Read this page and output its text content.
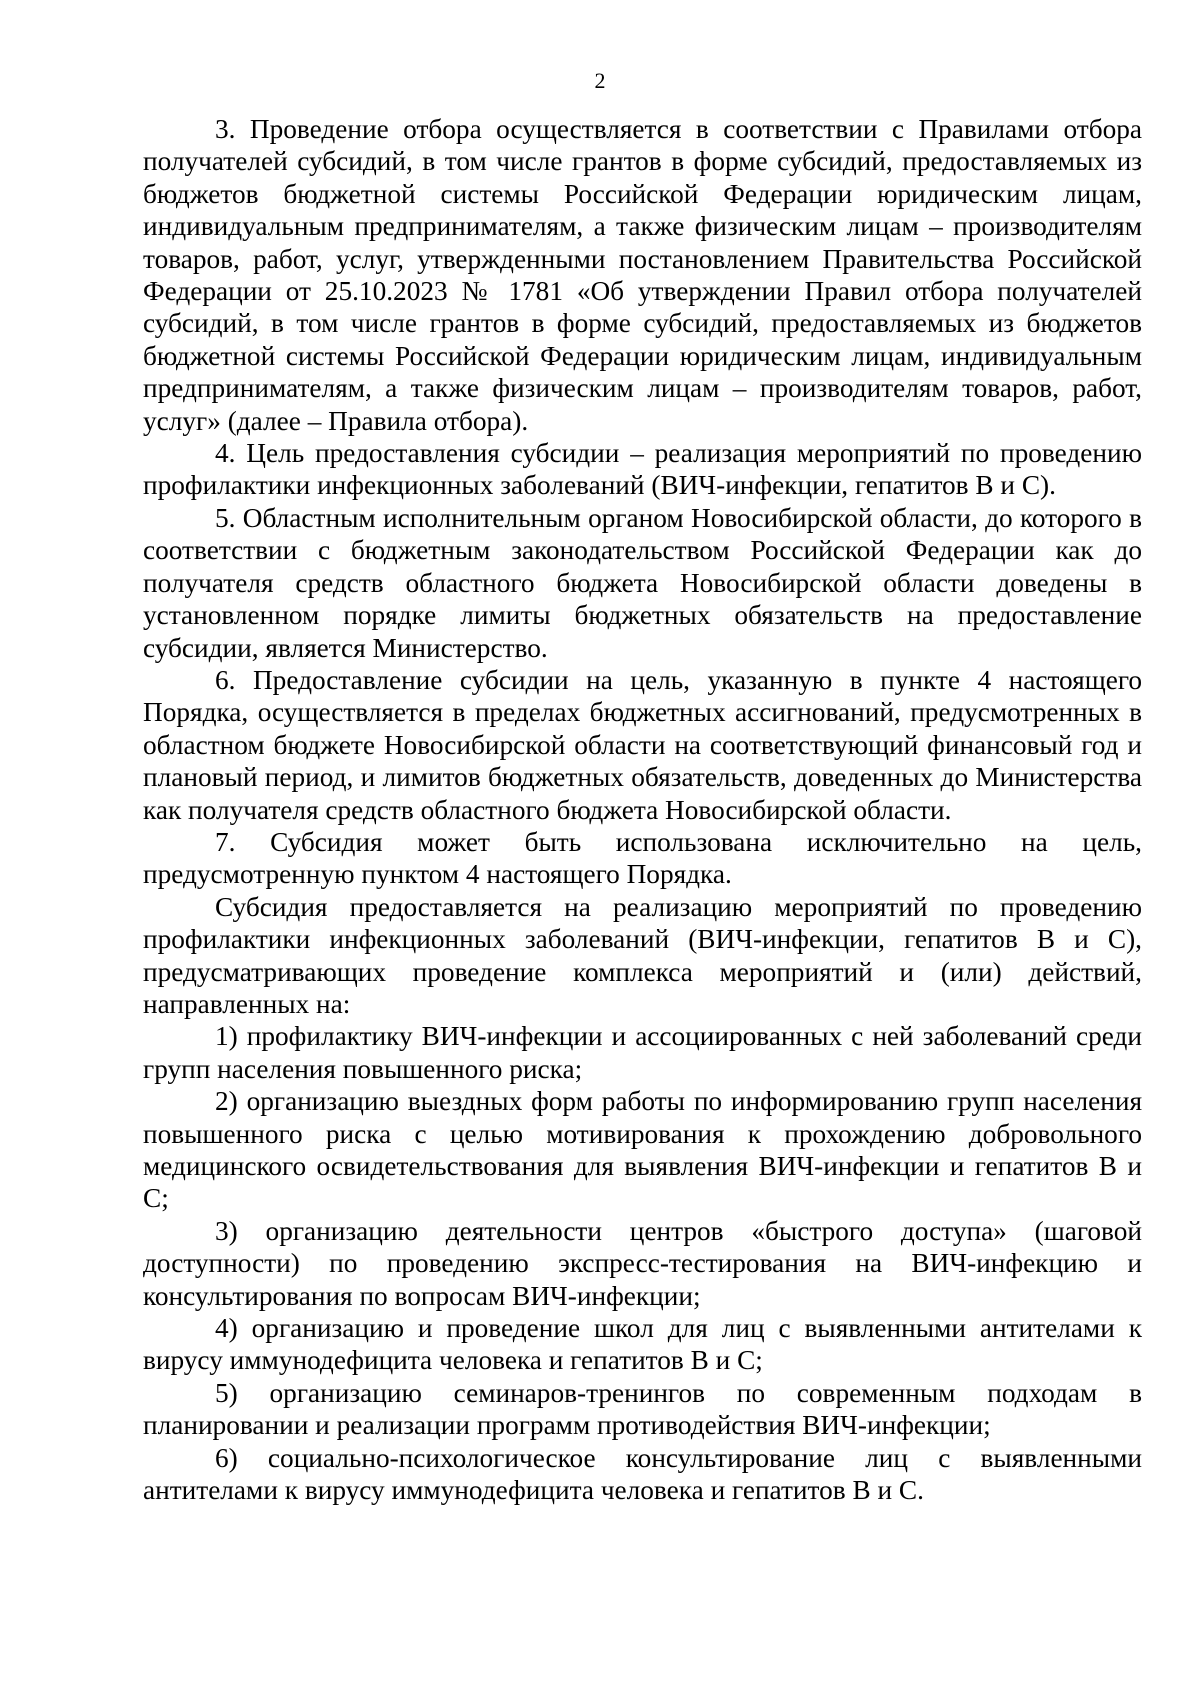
2

3. Проведение отбора осуществляется в соответствии с Правилами отбора получателей субсидий, в том числе грантов в форме субсидий, предоставляемых из бюджетов бюджетной системы Российской Федерации юридическим лицам, индивидуальным предпринимателям, а также физическим лицам – производителям товаров, работ, услуг, утвержденными постановлением Правительства Российской Федерации от 25.10.2023 № 1781 «Об утверждении Правил отбора получателей субсидий, в том числе грантов в форме субсидий, предоставляемых из бюджетов бюджетной системы Российской Федерации юридическим лицам, индивидуальным предпринимателям, а также физическим лицам – производителям товаров, работ, услуг» (далее – Правила отбора).

4. Цель предоставления субсидии – реализация мероприятий по проведению профилактики инфекционных заболеваний (ВИЧ-инфекции, гепатитов В и С).

5. Областным исполнительным органом Новосибирской области, до которого в соответствии с бюджетным законодательством Российской Федерации как до получателя средств областного бюджета Новосибирской области доведены в установленном порядке лимиты бюджетных обязательств на предоставление субсидии, является Министерство.

6. Предоставление субсидии на цель, указанную в пункте 4 настоящего Порядка, осуществляется в пределах бюджетных ассигнований, предусмотренных в областном бюджете Новосибирской области на соответствующий финансовый год и плановый период, и лимитов бюджетных обязательств, доведенных до Министерства как получателя средств областного бюджета Новосибирской области.

7. Субсидия может быть использована исключительно на цель, предусмотренную пунктом 4 настоящего Порядка.

Субсидия предоставляется на реализацию мероприятий по проведению профилактики инфекционных заболеваний (ВИЧ-инфекции, гепатитов В и С), предусматривающих проведение комплекса мероприятий и (или) действий, направленных на:

1) профилактику ВИЧ-инфекции и ассоциированных с ней заболеваний среди групп населения повышенного риска;

2) организацию выездных форм работы по информированию групп населения повышенного риска с целью мотивирования к прохождению добровольного медицинского освидетельствования для выявления ВИЧ-инфекции и гепатитов В и С;

3) организацию деятельности центров «быстрого доступа» (шаговой доступности) по проведению экспресс-тестирования на ВИЧ-инфекцию и консультирования по вопросам ВИЧ-инфекции;

4) организацию и проведение школ для лиц с выявленными антителами к вирусу иммунодефицита человека и гепатитов В и С;

5) организацию семинаров-тренингов по современным подходам в планировании и реализации программ противодействия ВИЧ-инфекции;

6) социально-психологическое консультирование лиц с выявленными антителами к вирусу иммунодефицита человека и гепатитов В и С.
